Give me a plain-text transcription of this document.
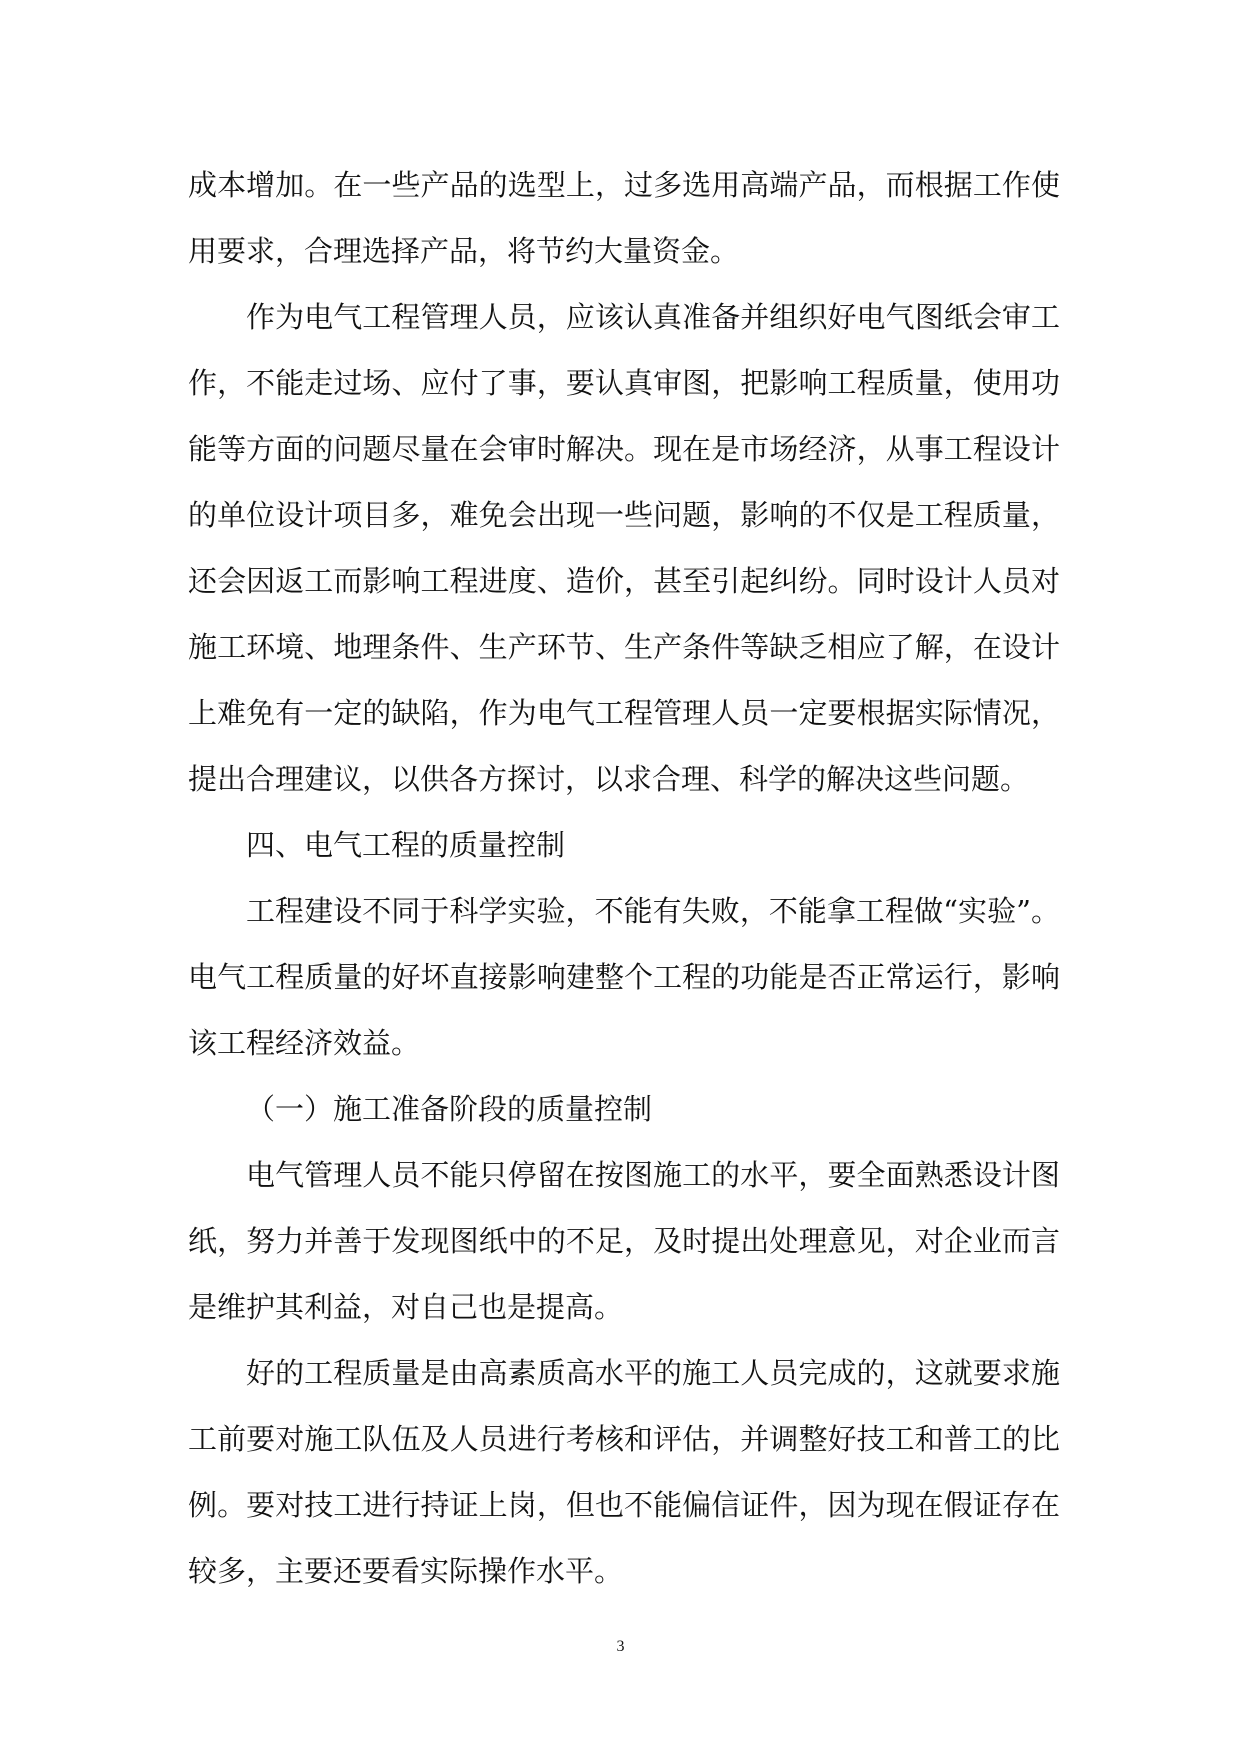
成本增加。在一些产品的选型上，过多选用高端产品，而根据工作使用要求，合理选择产品，将节约大量资金。

作为电气工程管理人员，应该认真准备并组织好电气图纸会审工作，不能走过场、应付了事，要认真审图，把影响工程质量，使用功能等方面的问题尽量在会审时解决。现在是市场经济，从事工程设计的单位设计项目多，难免会出现一些问题，影响的不仅是工程质量，还会因返工而影响工程进度、造价，甚至引起纠纷。同时设计人员对施工环境、地理条件、生产环节、生产条件等缺乏相应了解，在设计上难免有一定的缺陷，作为电气工程管理人员一定要根据实际情况，提出合理建议，以供各方探讨，以求合理、科学的解决这些问题。

四、电气工程的质量控制

工程建设不同于科学实验，不能有失败，不能拿工程做“实验”。电气工程质量的好坏直接影响建整个工程的功能是否正常运行，影响该工程经济效益。

（一）施工准备阶段的质量控制

电气管理人员不能只停留在按图施工的水平，要全面熟悉设计图纸，努力并善于发现图纸中的不足，及时提出处理意见，对企业而言是维护其利益，对自己也是提高。

好的工程质量是由高素质高水平的施工人员完成的，这就要求施工前要对施工队伍及人员进行考核和评估，并调整好技工和普工的比例。要对技工进行持证上岗，但也不能偏信证件，因为现在假证存在较多，主要还要看实际操作水平。

3
